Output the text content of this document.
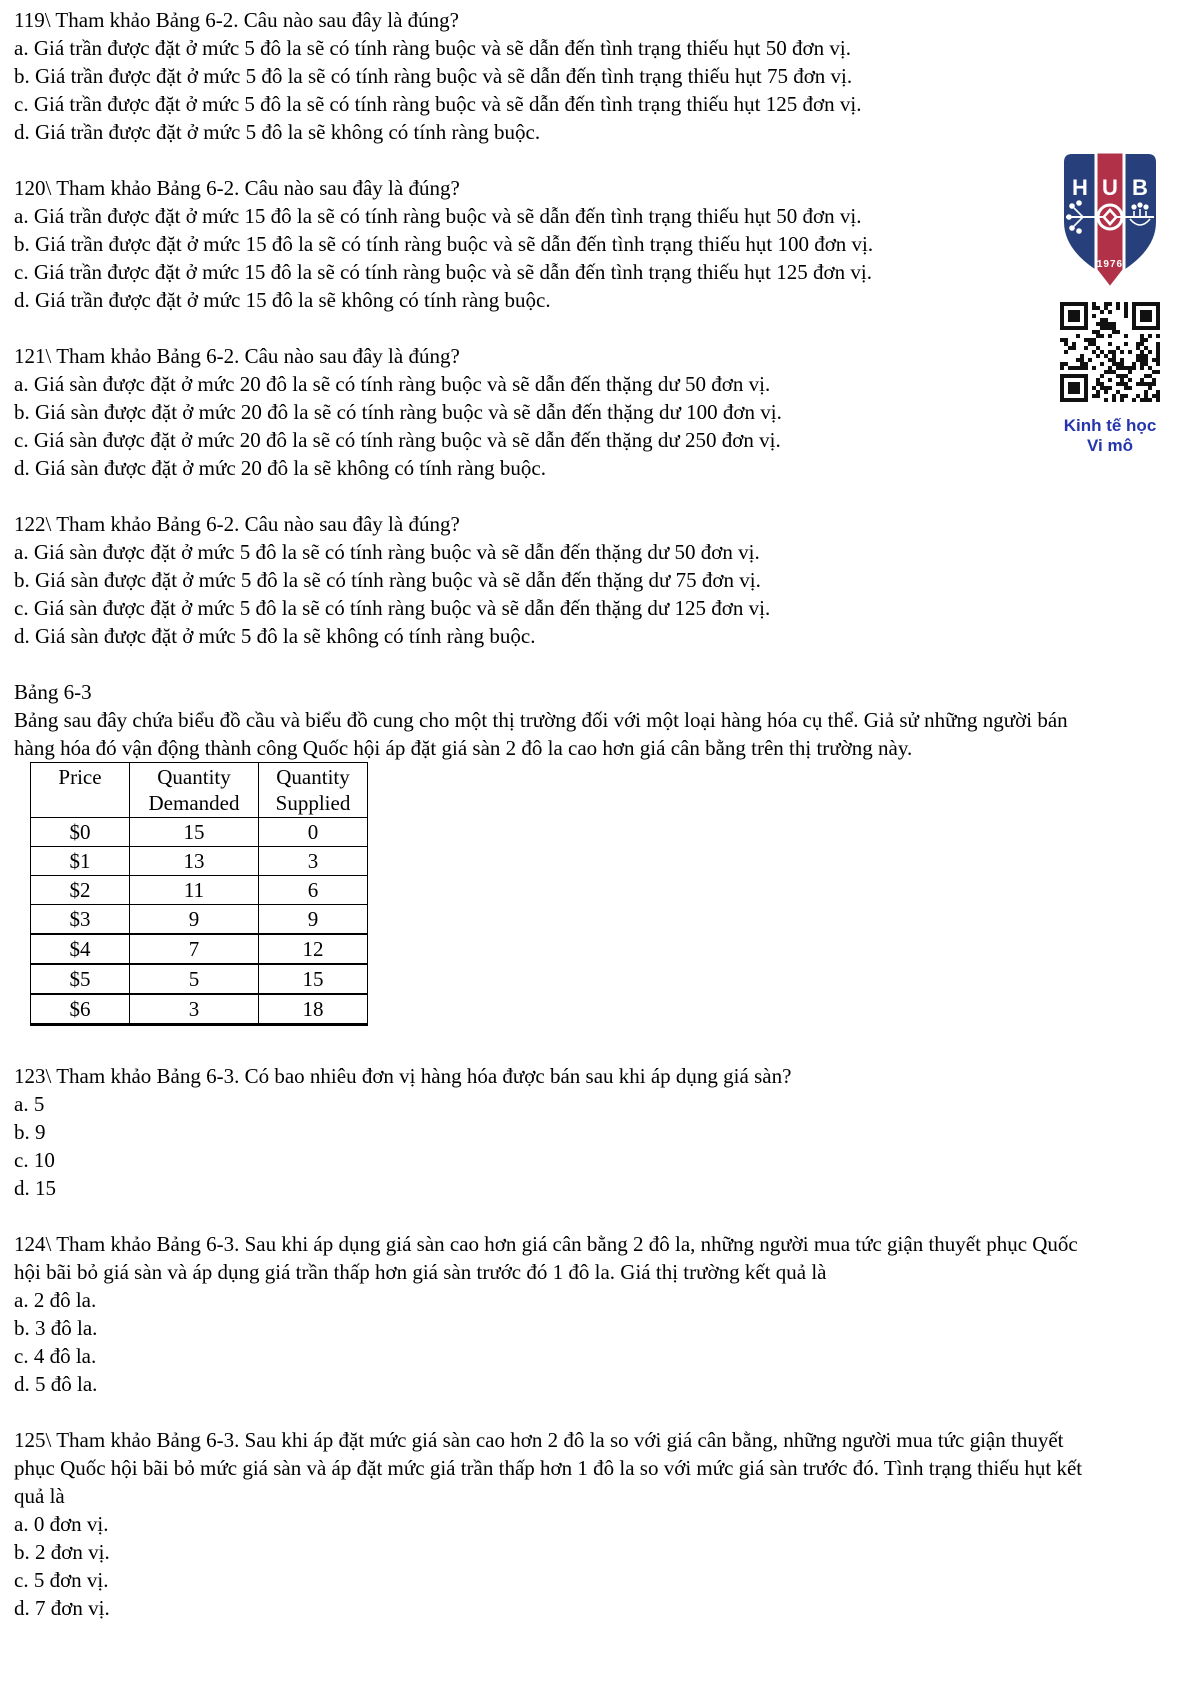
119\ Tham khảo Bảng 6-2. Câu nào sau đây là đúng?

a. Giá trần được đặt ở mức 5 đô la sẽ có tính ràng buộc và sẽ dẫn đến tình trạng thiếu hụt 50 đơn vị.

b. Giá trần được đặt ở mức 5 đô la sẽ có tính ràng buộc và sẽ dẫn đến tình trạng thiếu hụt 75 đơn vị.

c. Giá trần được đặt ở mức 5 đô la sẽ có tính ràng buộc và sẽ dẫn đến tình trạng thiếu hụt 125 đơn vị.

d. Giá trần được đặt ở mức 5 đô la sẽ không có tính ràng buộc.

120\ Tham khảo Bảng 6-2. Câu nào sau đây là đúng?

a. Giá trần được đặt ở mức 15 đô la sẽ có tính ràng buộc và sẽ dẫn đến tình trạng thiếu hụt 50 đơn vị.

b. Giá trần được đặt ở mức 15 đô la sẽ có tính ràng buộc và sẽ dẫn đến tình trạng thiếu hụt 100 đơn vị.

c. Giá trần được đặt ở mức 15 đô la sẽ có tính ràng buộc và sẽ dẫn đến tình trạng thiếu hụt 125 đơn vị.

d. Giá trần được đặt ở mức 15 đô la sẽ không có tính ràng buộc.

121\ Tham khảo Bảng 6-2. Câu nào sau đây là đúng?

a. Giá sàn được đặt ở mức 20 đô la sẽ có tính ràng buộc và sẽ dẫn đến thặng dư 50 đơn vị.

b. Giá sàn được đặt ở mức 20 đô la sẽ có tính ràng buộc và sẽ dẫn đến thặng dư 100 đơn vị.

c. Giá sàn được đặt ở mức 20 đô la sẽ có tính ràng buộc và sẽ dẫn đến thặng dư 250 đơn vị.

d. Giá sàn được đặt ở mức 20 đô la sẽ không có tính ràng buộc.

122\ Tham khảo Bảng 6-2. Câu nào sau đây là đúng?

a. Giá sàn được đặt ở mức 5 đô la sẽ có tính ràng buộc và sẽ dẫn đến thặng dư 50 đơn vị.

b. Giá sàn được đặt ở mức 5 đô la sẽ có tính ràng buộc và sẽ dẫn đến thặng dư 75 đơn vị.

c. Giá sàn được đặt ở mức 5 đô la sẽ có tính ràng buộc và sẽ dẫn đến thặng dư 125 đơn vị.

d. Giá sàn được đặt ở mức 5 đô la sẽ không có tính ràng buộc.

Bảng 6-3

Bảng sau đây chứa biểu đồ cầu và biểu đồ cung cho một thị trường đối với một loại hàng hóa cụ thể. Giả sử những người bán hàng hóa đó vận động thành công Quốc hội áp đặt giá sàn 2 đô la cao hơn giá cân bằng trên thị trường này.

Price	Quantity Demanded	Quantity Supplied
$0	15	0
$1	13	3
$2	11	6
$3	9	9
$4	7	12
$5	5	15
$6	3	18

123\ Tham khảo Bảng 6-3. Có bao nhiêu đơn vị hàng hóa được bán sau khi áp dụng giá sàn?

a. 5

b. 9

c. 10

d. 15

124\ Tham khảo Bảng 6-3. Sau khi áp dụng giá sàn cao hơn giá cân bằng 2 đô la, những người mua tức giận thuyết phục Quốc hội bãi bỏ giá sàn và áp dụng giá trần thấp hơn giá sàn trước đó 1 đô la. Giá thị trường kết quả là

a. 2 đô la.

b. 3 đô la.

c. 4 đô la.

d. 5 đô la.

125\ Tham khảo Bảng 6-3. Sau khi áp đặt mức giá sàn cao hơn 2 đô la so với giá cân bằng, những người mua tức giận thuyết phục Quốc hội bãi bỏ mức giá sàn và áp đặt mức giá trần thấp hơn 1 đô la so với mức giá sàn trước đó. Tình trạng thiếu hụt kết quả là

a. 0 đơn vị.

b. 2 đơn vị.

c. 5 đơn vị.

d. 7 đơn vị.

H U B
1976
Kinh tế học
Vi mô
